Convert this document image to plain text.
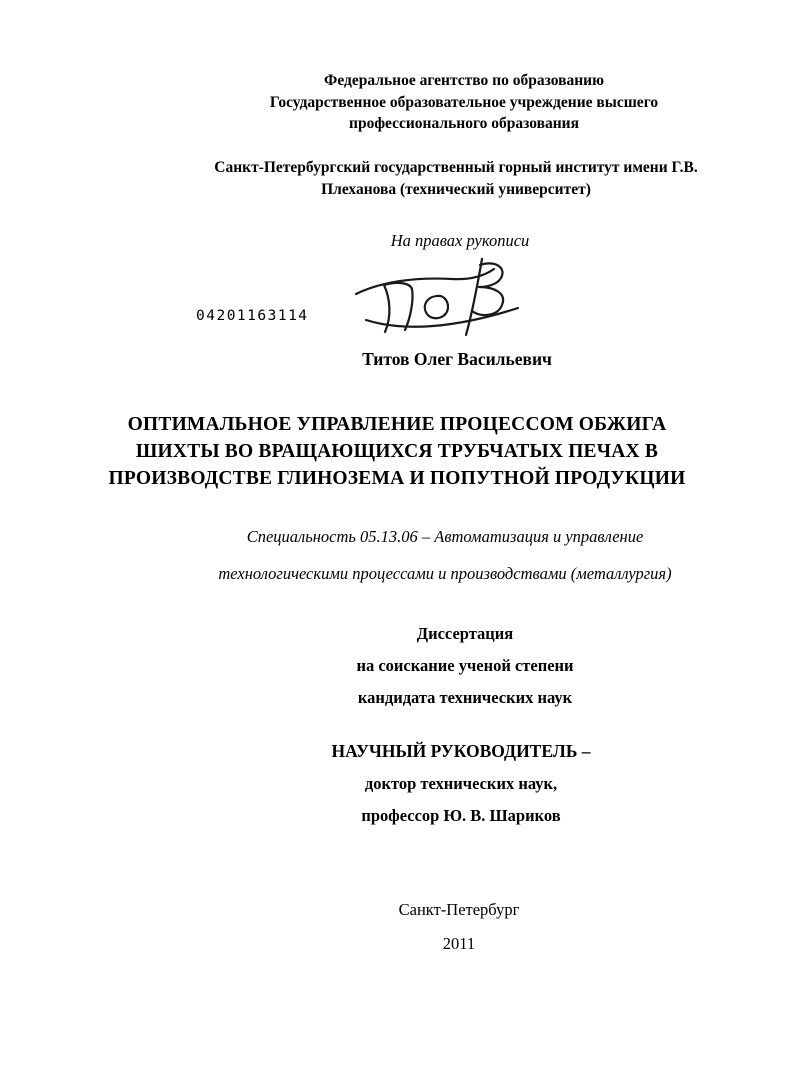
Федеральное агентство по образованию
Государственное образовательное учреждение высшего
профессионального образования
Санкт-Петербургский государственный горный институт имени Г.В.
Плеханова (технический университет)
На правах рукописи
04201163114
Титов Олег Васильевич
ОПТИМАЛЬНОЕ УПРАВЛЕНИЕ ПРОЦЕССОМ ОБЖИГА
ШИХТЫ ВО ВРАЩАЮЩИХСЯ ТРУБЧАТЫХ ПЕЧАХ В
ПРОИЗВОДСТВЕ ГЛИНОЗЕМА И ПОПУТНОЙ ПРОДУКЦИИ
Специальность 05.13.06 – Автоматизация и управление
технологическими процессами и производствами (металлургия)
Диссертация
на соискание ученой степени
кандидата технических наук
НАУЧНЫЙ РУКОВОДИТЕЛЬ –
доктор технических наук,
профессор Ю. В. Шариков
Санкт-Петербург
2011
